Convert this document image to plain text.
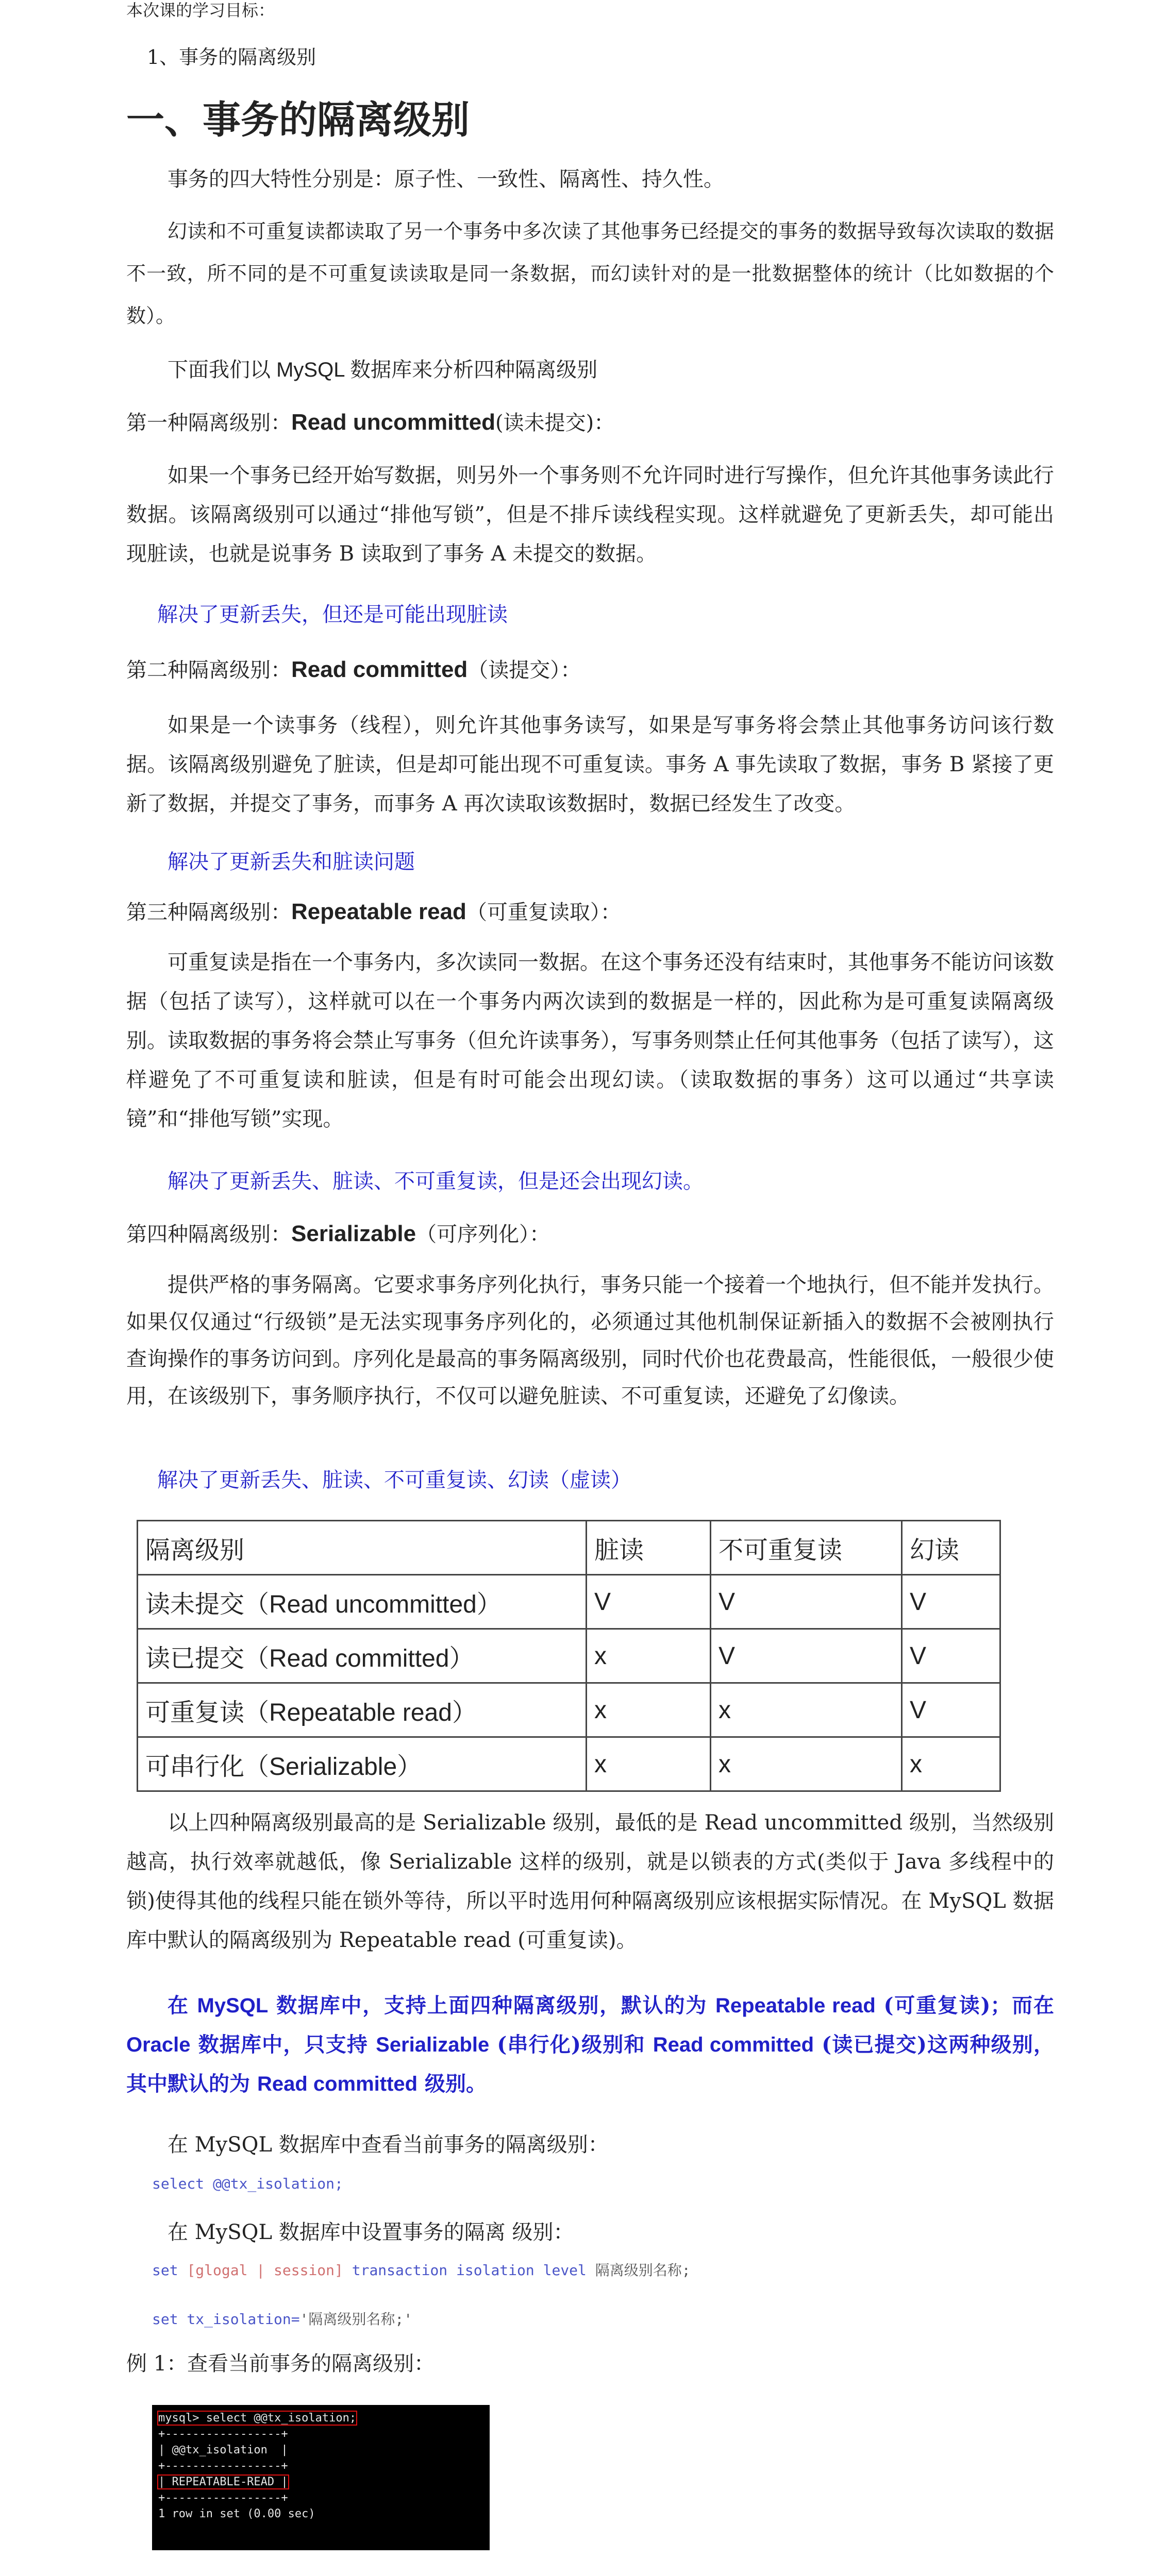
本次课的学习目标：
1、事务的隔离级别
一、事务的隔离级别
事务的四大特性分别是：原子性、一致性、隔离性、持久性。
幻读和不可重复读都读取了另一个事务中多次读了其他事务已经提交的事务的数据导致每次读取的数据不一致，所不同的是不可重复读读取是同一条数据，而幻读针对的是一批数据整体的统计（比如数据的个数）。
下面我们以 MySQL 数据库来分析四种隔离级别
第一种隔离级别：Read uncommitted(读未提交)：
如果一个事务已经开始写数据，则另外一个事务则不允许同时进行写操作，但允许其他事务读此行数据。该隔离级别可以通过“排他写锁”，但是不排斥读线程实现。这样就避免了更新丢失，却可能出现脏读，也就是说事务 B 读取到了事务 A 未提交的数据。
解决了更新丢失，但还是可能出现脏读
第二种隔离级别：Read committed（读提交）：
如果是一个读事务（线程），则允许其他事务读写，如果是写事务将会禁止其他事务访问该行数据。该隔离级别避免了脏读，但是却可能出现不可重复读。事务 A 事先读取了数据，事务 B 紧接了更新了数据，并提交了事务，而事务 A 再次读取该数据时，数据已经发生了改变。
解决了更新丢失和脏读问题
第三种隔离级别：Repeatable read（可重复读取）：
可重复读是指在一个事务内，多次读同一数据。在这个事务还没有结束时，其他事务不能访问该数据（包括了读写），这样就可以在一个事务内两次读到的数据是一样的，因此称为是可重复读隔离级别。读取数据的事务将会禁止写事务（但允许读事务），写事务则禁止任何其他事务（包括了读写），这样避免了不可重复读和脏读，但是有时可能会出现幻读。（读取数据的事务）这可以通过“共享读镜”和“排他写锁”实现。
解决了更新丢失、脏读、不可重复读，但是还会出现幻读。
第四种隔离级别：Serializable（可序列化）：
提供严格的事务隔离。它要求事务序列化执行，事务只能一个接着一个地执行，但不能并发执行。如果仅仅通过“行级锁”是无法实现事务序列化的，必须通过其他机制保证新插入的数据不会被刚执行查询操作的事务访问到。序列化是最高的事务隔离级别，同时代价也花费最高，性能很低，一般很少使用，在该级别下，事务顺序执行，不仅可以避免脏读、不可重复读，还避免了幻像读。
解决了更新丢失、脏读、不可重复读、幻读（虚读）
隔离级别	脏读	不可重复读	幻读
读未提交（Read uncommitted）	V	V	V
读已提交（Read committed）	x	V	V
可重复读（Repeatable read）	x	x	V
可串行化（Serializable）	x	x	x
以上四种隔离级别最高的是 Serializable 级别，最低的是 Read uncommitted 级别，当然级别越高，执行效率就越低，像 Serializable 这样的级别，就是以锁表的方式(类似于 Java 多线程中的锁)使得其他的线程只能在锁外等待，所以平时选用何种隔离级别应该根据实际情况。在 MySQL 数据库中默认的隔离级别为 Repeatable read (可重复读)。
在 MySQL 数据库中，支持上面四种隔离级别，默认的为 Repeatable read (可重复读)；而在 Oracle 数据库中，只支持 Serializable (串行化)级别和 Read committed (读已提交)这两种级别，其中默认的为 Read committed 级别。
在 MySQL 数据库中查看当前事务的隔离级别：
select @@tx_isolation;
在 MySQL 数据库中设置事务的隔离 级别：
set [glogal | session] transaction isolation level 隔离级别名称;
set tx_isolation='隔离级别名称;'
例 1：查看当前事务的隔离级别：
mysql> select @@tx_isolation;
+-----------------+
| @@tx_isolation  |
+-----------------+
| REPEATABLE-READ |
+-----------------+
1 row in set (0.00 sec)
